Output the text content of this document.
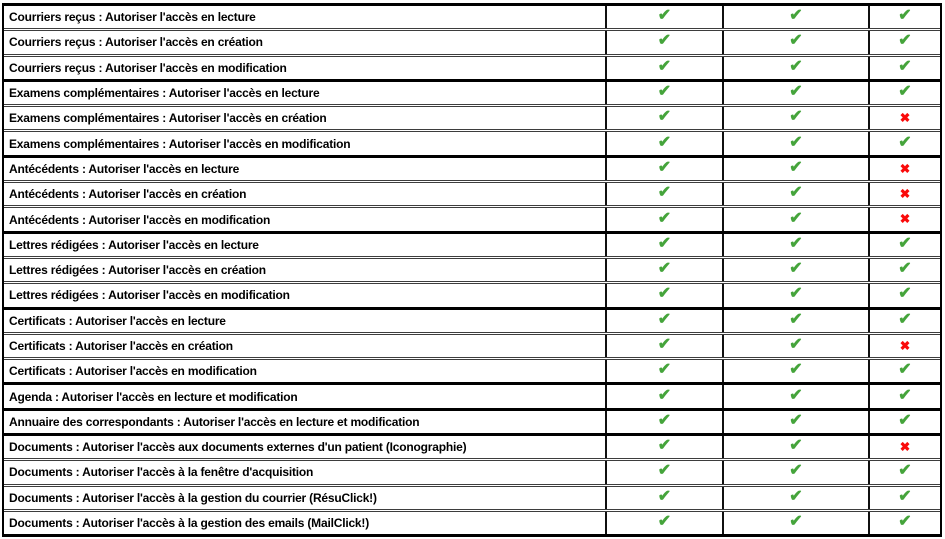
Courriers reçus : Autoriser l'accès en lecture	✔	✔	✔
Courriers reçus : Autoriser l'accès en création	✔	✔	✔
Courriers reçus : Autoriser l'accès en modification	✔	✔	✔
Examens complémentaires : Autoriser l'accès en lecture	✔	✔	✔
Examens complémentaires : Autoriser l'accès en création	✔	✔	✖
Examens complémentaires : Autoriser l'accès en modification	✔	✔	✔
Antécédents : Autoriser l'accès en lecture	✔	✔	✖
Antécédents : Autoriser l'accès en création	✔	✔	✖
Antécédents : Autoriser l'accès en modification	✔	✔	✖
Lettres rédigées : Autoriser l'accès en lecture	✔	✔	✔
Lettres rédigées : Autoriser l'accès en création	✔	✔	✔
Lettres rédigées : Autoriser l'accès en modification	✔	✔	✔
Certificats : Autoriser l'accès en lecture	✔	✔	✔
Certificats : Autoriser l'accès en création	✔	✔	✖
Certificats : Autoriser l'accès en modification	✔	✔	✔
Agenda : Autoriser l'accès en lecture et modification	✔	✔	✔
Annuaire des correspondants : Autoriser l'accès en lecture et modification	✔	✔	✔
Documents : Autoriser l'accès aux documents externes d'un patient (Iconographie)	✔	✔	✖
Documents : Autoriser l'accès à la fenêtre d'acquisition	✔	✔	✔
Documents : Autoriser l'accès à la gestion du courrier (RésuClick!)	✔	✔	✔
Documents : Autoriser l'accès à la gestion des emails (MailClick!)	✔	✔	✔
